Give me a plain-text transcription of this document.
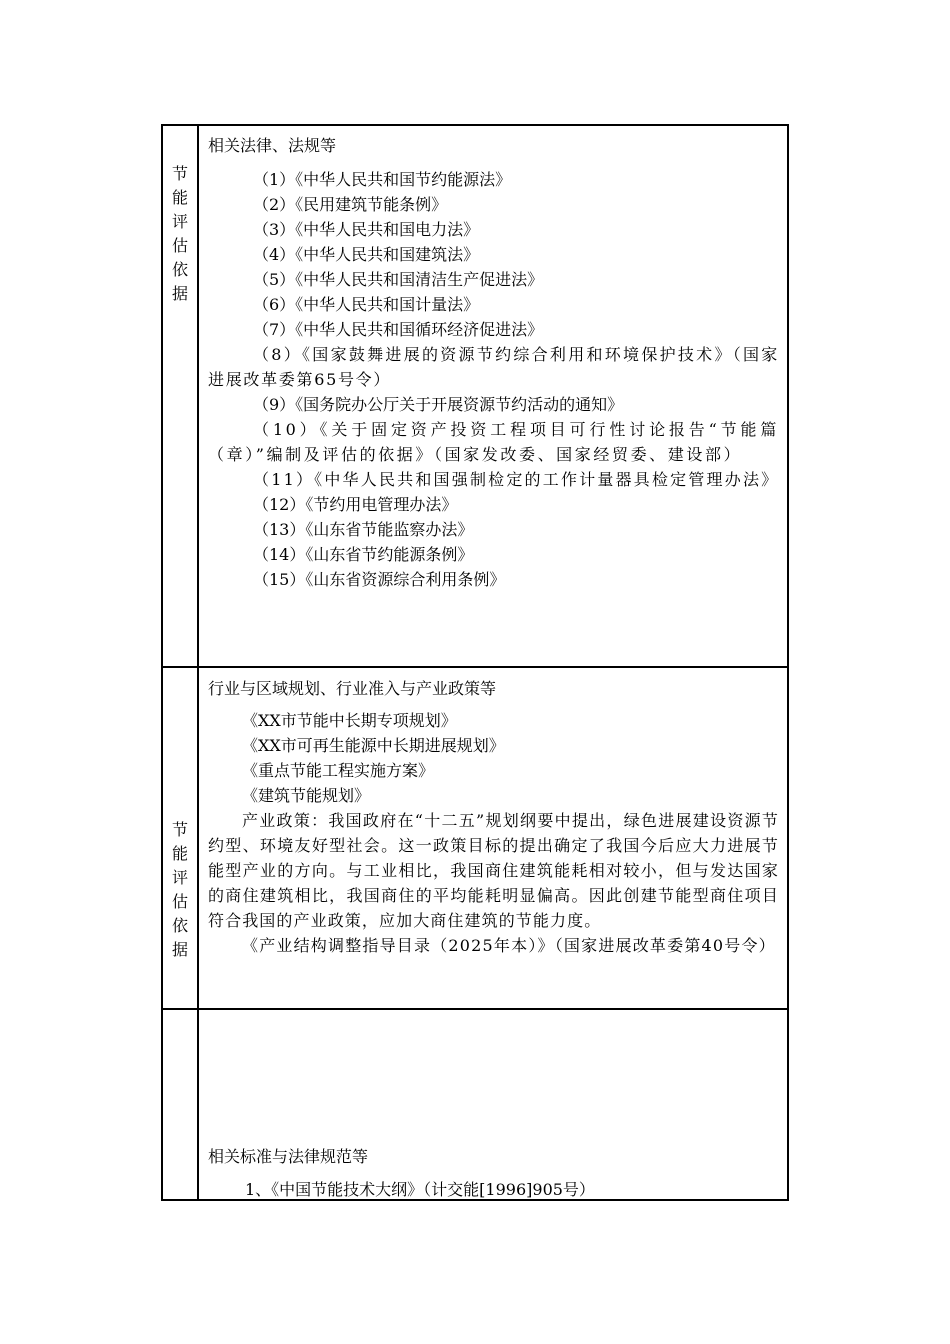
节
能
评
估
依
据

相关法律、法规等

（1）《中华人民共和国节约能源法》

（2）《民用建筑节能条例》

（3）《中华人民共和国电力法》

（4）《中华人民共和国建筑法》

（5）《中华人民共和国清洁生产促进法》

（6）《中华人民共和国计量法》

（7）《中华人民共和国循环经济促进法》

（8）《国家鼓舞进展的资源节约综合利用和环境保护技术》（国家进展改革委第65号令）

（9）《国务院办公厅关于开展资源节约活动的通知》

（10）《关于固定资产投资工程项目可行性讨论报告“节能篇（章）”编制及评估的依据》（国家发改委、国家经贸委、建设部）

（11）《中华人民共和国强制检定的工作计量器具检定管理办法》

（12）《节约用电管理办法》

（13）《山东省节能监察办法》

（14）《山东省节约能源条例》

（15）《山东省资源综合利用条例》

节
能
评
估
依
据

行业与区域规划、行业准入与产业政策等

《XX市节能中长期专项规划》

《XX市可再生能源中长期进展规划》

《重点节能工程实施方案》

《建筑节能规划》

产业政策：我国政府在“十二五”规划纲要中提出，绿色进展建设资源节约型、环境友好型社会。这一政策目标的提出确定了我国今后应大力进展节能型产业的方向。与工业相比，我国商住建筑能耗相对较小，但与发达国家的商住建筑相比，我国商住的平均能耗明显偏高。因此创建节能型商住项目符合我国的产业政策，应加大商住建筑的节能力度。

《产业结构调整指导目录（2025年本）》（国家进展改革委第40号令）

相关标准与法律规范等

1、《中国节能技术大纲》（计交能[1996]905号）
